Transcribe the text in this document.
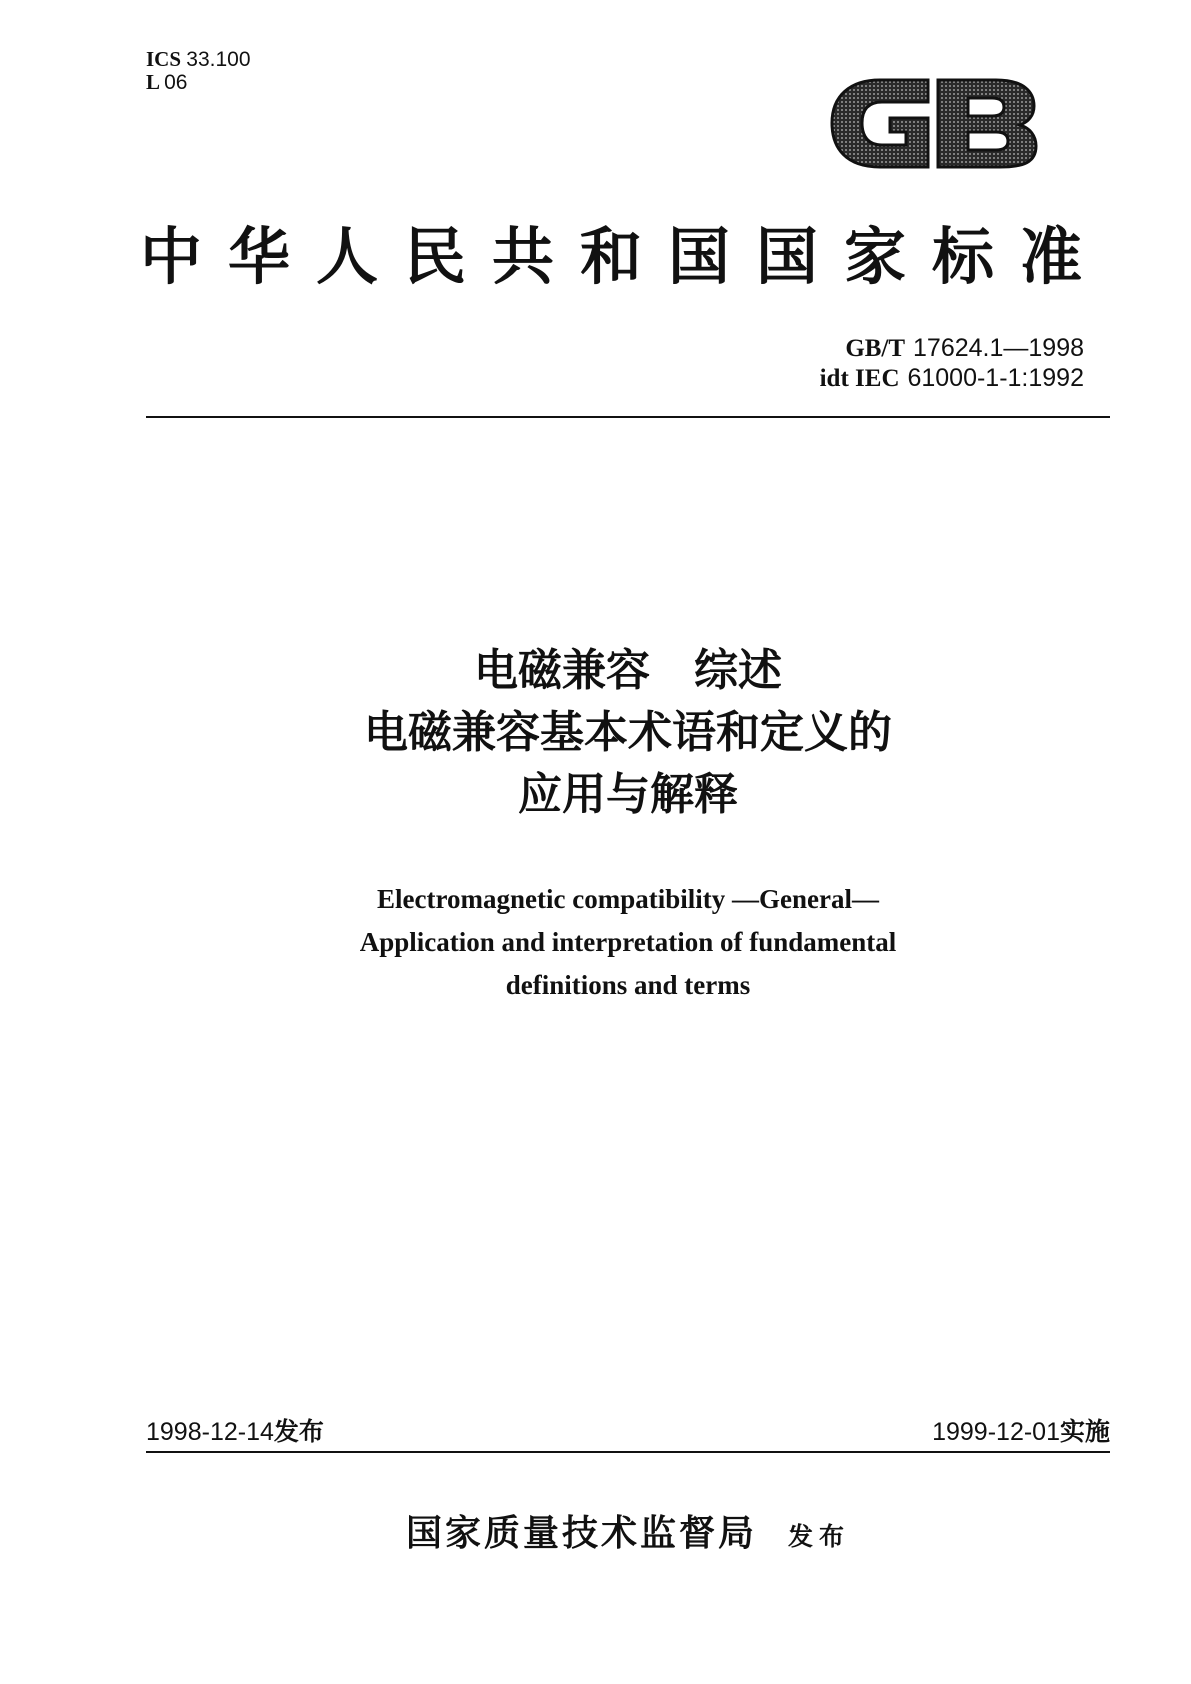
ICS 33.100
L 06
中华人民共和国国家标准
GB/T 17624.1—1998
idt IEC 61000-1-1:1992
电磁兼容　综述
电磁兼容基本术语和定义的
应用与解释
Electromagnetic compatibility —General—
Application and interpretation of fundamental
definitions and terms
1998-12-14发布	1999-12-01实施
国家质量技术监督局 发布
